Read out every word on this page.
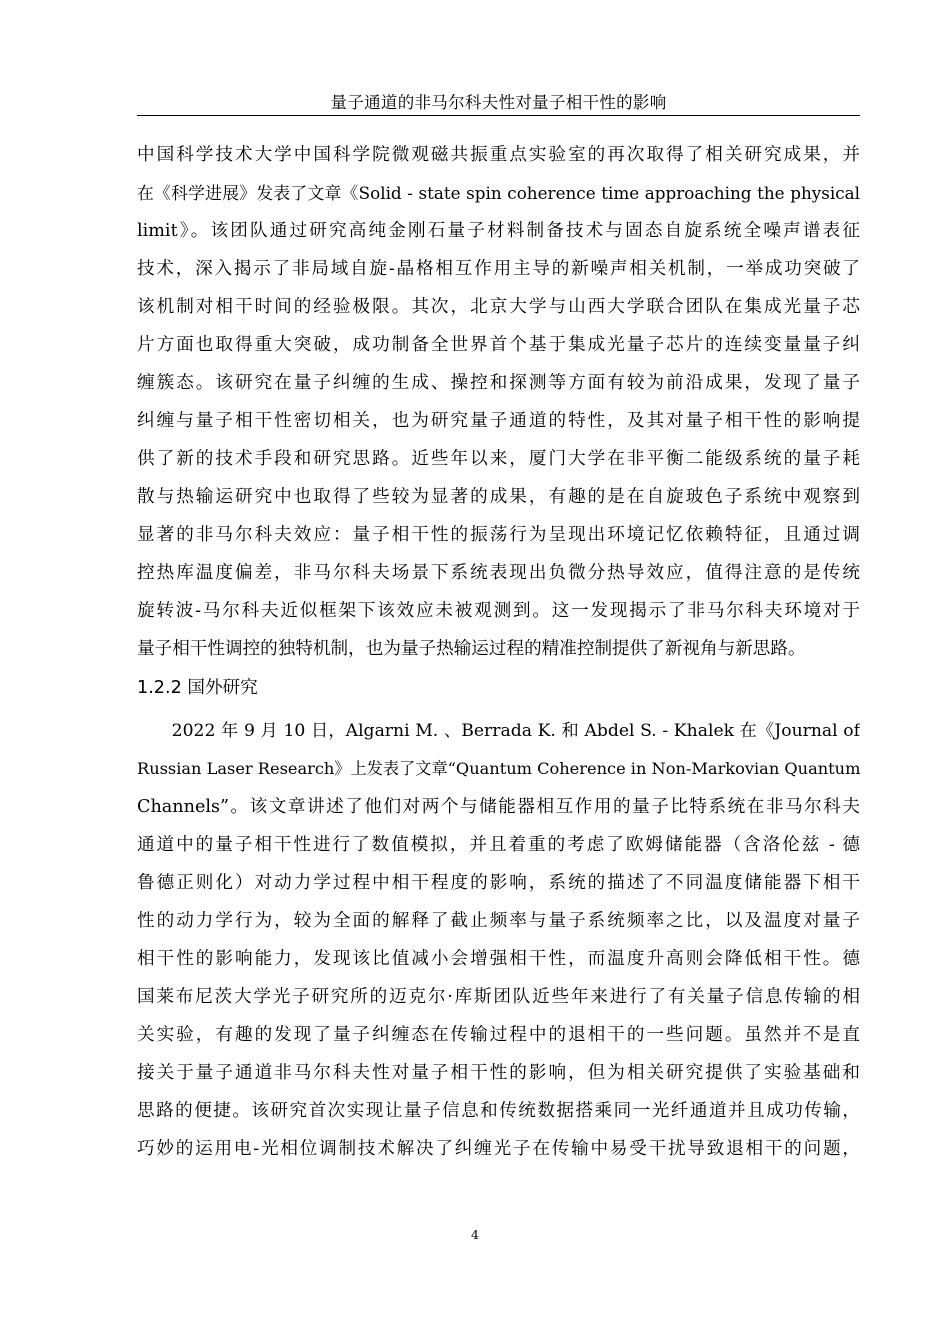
量子通道的非马尔科夫性对量子相干性的影响
中国科学技术大学中国科学院微观磁共振重点实验室的再次取得了相关研究成果，并
在《科学进展》发表了文章《Solid - state spin coherence time approaching the physical
limit》。该团队通过研究高纯金刚石量子材料制备技术与固态自旋系统全噪声谱表征
技术，深入揭示了非局域自旋-晶格相互作用主导的新噪声相关机制，一举成功突破了
该机制对相干时间的经验极限。其次，北京大学与山西大学联合团队在集成光量子芯
片方面也取得重大突破，成功制备全世界首个基于集成光量子芯片的连续变量量子纠
缠簇态。该研究在量子纠缠的生成、操控和探测等方面有较为前沿成果，发现了量子
纠缠与量子相干性密切相关，也为研究量子通道的特性，及其对量子相干性的影响提
供了新的技术手段和研究思路。近些年以来，厦门大学在非平衡二能级系统的量子耗
散与热输运研究中也取得了些较为显著的成果，有趣的是在自旋玻色子系统中观察到
显著的非马尔科夫效应：量子相干性的振荡行为呈现出环境记忆依赖特征，且通过调
控热库温度偏差，非马尔科夫场景下系统表现出负微分热导效应，值得注意的是传统
旋转波-马尔科夫近似框架下该效应未被观测到。这一发现揭示了非马尔科夫环境对于
量子相干性调控的独特机制，也为量子热输运过程的精准控制提供了新视角与新思路。
1.2.2 国外研究
　　2022 年 9 月 10 日，Algarni M. 、Berrada K. 和 Abdel S. - Khalek 在《Journal of
Russian Laser Research》上发表了文章“Quantum Coherence in Non-Markovian Quantum
Channels”。该文章讲述了他们对两个与储能器相互作用的量子比特系统在非马尔科夫
通道中的量子相干性进行了数值模拟，并且着重的考虑了欧姆储能器（含洛伦兹 - 德
鲁德正则化）对动力学过程中相干程度的影响，系统的描述了不同温度储能器下相干
性的动力学行为，较为全面的解释了截止频率与量子系统频率之比，以及温度对量子
相干性的影响能力，发现该比值减小会增强相干性，而温度升高则会降低相干性。德
国莱布尼茨大学光子研究所的迈克尔·库斯团队近些年来进行了有关量子信息传输的相
关实验，有趣的发现了量子纠缠态在传输过程中的退相干的一些问题。虽然并不是直
接关于量子通道非马尔科夫性对量子相干性的影响，但为相关研究提供了实验基础和
思路的便捷。该研究首次实现让量子信息和传统数据搭乘同一光纤通道并且成功传输，
巧妙的运用电-光相位调制技术解决了纠缠光子在传输中易受干扰导致退相干的问题，
4
